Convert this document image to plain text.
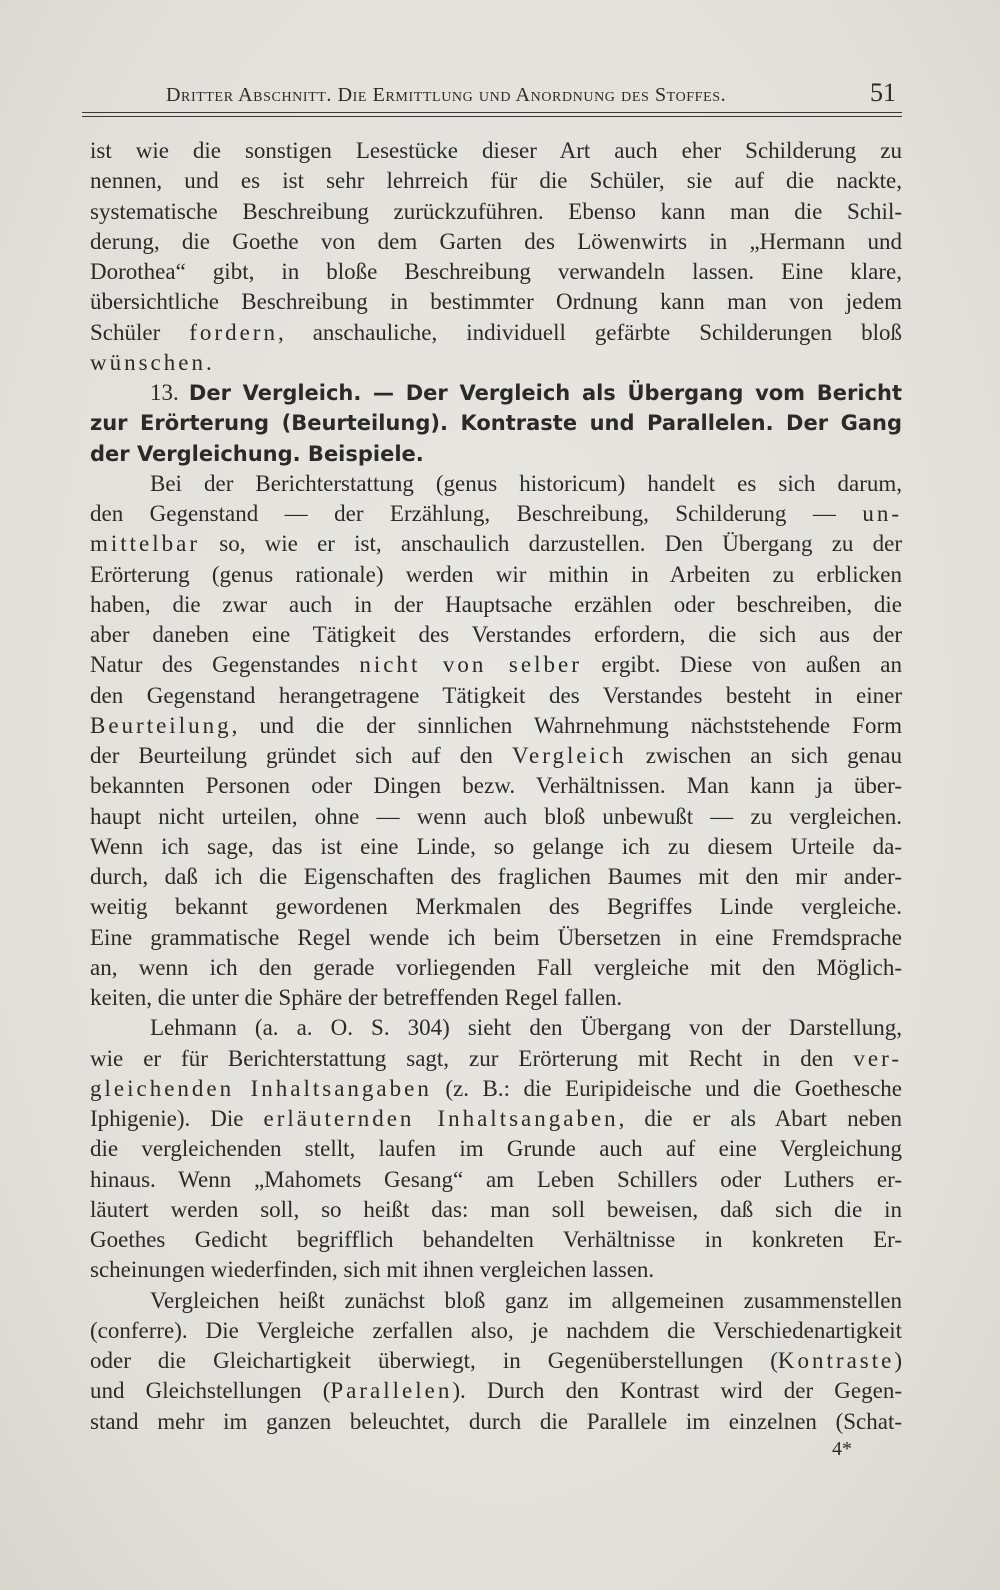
Dritter Abschnitt. Die Ermittlung und Anordnung des Stoffes.	51

ist wie die sonstigen Lesestücke dieser Art auch eher Schilderung zu
nennen, und es ist sehr lehrreich für die Schüler, sie auf die nackte,
systematische Beschreibung zurückzuführen. Ebenso kann man die Schil-
derung, die Goethe von dem Garten des Löwenwirts in „Hermann und
Dorothea“ gibt, in bloße Beschreibung verwandeln lassen. Eine klare,
übersichtliche Beschreibung in bestimmter Ordnung kann man von jedem
Schüler fordern, anschauliche, individuell gefärbte Schilderungen bloß
wünschen.

13. Der Vergleich. — Der Vergleich als Übergang vom Bericht
zur Erörterung (Beurteilung). Kontraste und Parallelen. Der Gang
der Vergleichung. Beispiele.

Bei der Berichterstattung (genus historicum) handelt es sich darum,
den Gegenstand — der Erzählung, Beschreibung, Schilderung — un-
mittelbar so, wie er ist, anschaulich darzustellen. Den Übergang zu der
Erörterung (genus rationale) werden wir mithin in Arbeiten zu erblicken
haben, die zwar auch in der Hauptsache erzählen oder beschreiben, die
aber daneben eine Tätigkeit des Verstandes erfordern, die sich aus der
Natur des Gegenstandes nicht von selber ergibt. Diese von außen an
den Gegenstand herangetragene Tätigkeit des Verstandes besteht in einer
Beurteilung, und die der sinnlichen Wahrnehmung nächststehende Form
der Beurteilung gründet sich auf den Vergleich zwischen an sich genau
bekannten Personen oder Dingen bezw. Verhältnissen. Man kann ja über-
haupt nicht urteilen, ohne — wenn auch bloß unbewußt — zu vergleichen.
Wenn ich sage, das ist eine Linde, so gelange ich zu diesem Urteile da-
durch, daß ich die Eigenschaften des fraglichen Baumes mit den mir ander-
weitig bekannt gewordenen Merkmalen des Begriffes Linde vergleiche.
Eine grammatische Regel wende ich beim Übersetzen in eine Fremdsprache
an, wenn ich den gerade vorliegenden Fall vergleiche mit den Möglich-
keiten, die unter die Sphäre der betreffenden Regel fallen.

Lehmann (a. a. O. S. 304) sieht den Übergang von der Darstellung,
wie er für Berichterstattung sagt, zur Erörterung mit Recht in den ver-
gleichenden Inhaltsangaben (z. B.: die Euripideische und die Goethesche
Iphigenie). Die erläuternden Inhaltsangaben, die er als Abart neben
die vergleichenden stellt, laufen im Grunde auch auf eine Vergleichung
hinaus. Wenn „Mahomets Gesang“ am Leben Schillers oder Luthers er-
läutert werden soll, so heißt das: man soll beweisen, daß sich die in
Goethes Gedicht begrifflich behandelten Verhältnisse in konkreten Er-
scheinungen wiederfinden, sich mit ihnen vergleichen lassen.

Vergleichen heißt zunächst bloß ganz im allgemeinen zusammenstellen
(conferre). Die Vergleiche zerfallen also, je nachdem die Verschiedenartigkeit
oder die Gleichartigkeit überwiegt, in Gegenüberstellungen (Kontraste)
und Gleichstellungen (Parallelen). Durch den Kontrast wird der Gegen-
stand mehr im ganzen beleuchtet, durch die Parallele im einzelnen (Schat-

4*
